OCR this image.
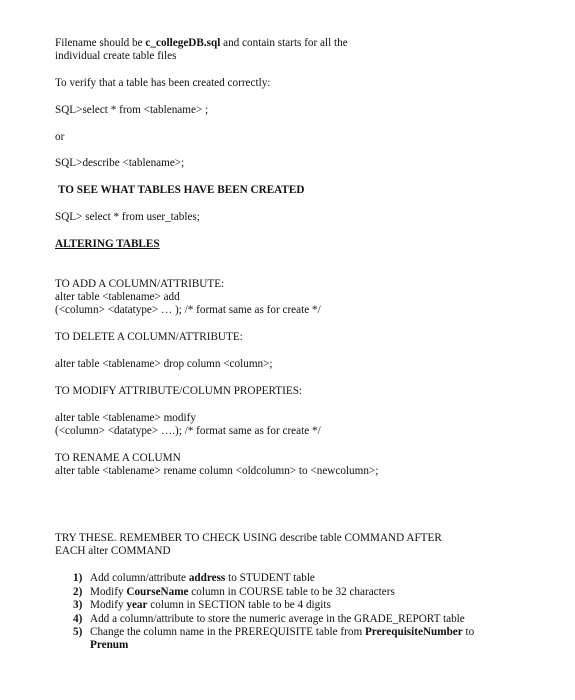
Filename should be c_collegeDB.sql and contain starts for all the
individual create table files
To verify that a table has been created correctly:
SQL>select * from <tablename> ;
or
SQL>describe <tablename>;
TO SEE WHAT TABLES HAVE BEEN CREATED
SQL> select * from user_tables;
ALTERING TABLES
TO ADD A COLUMN/ATTRIBUTE:
alter table <tablename> add
(<column> <datatype> … ); /* format same as for create */
TO DELETE A COLUMN/ATTRIBUTE:
alter table <tablename> drop column <column>;
TO MODIFY ATTRIBUTE/COLUMN PROPERTIES:
alter table <tablename> modify
(<column> <datatype> ….); /* format same as for create */
TO RENAME A COLUMN
alter table <tablename> rename column <oldcolumn> to <newcolumn>;
TRY THESE. REMEMBER TO CHECK USING describe table COMMAND AFTER
EACH alter COMMAND
1) Add column/attribute address to STUDENT table
2) Modify CourseName column in COURSE table to be 32 characters
3) Modify year column in SECTION table to be 4 digits
4) Add a column/attribute to store the numeric average in the GRADE_REPORT table
5) Change the column name in the PREREQUISITE table from PrerequisiteNumber to
Prenum
